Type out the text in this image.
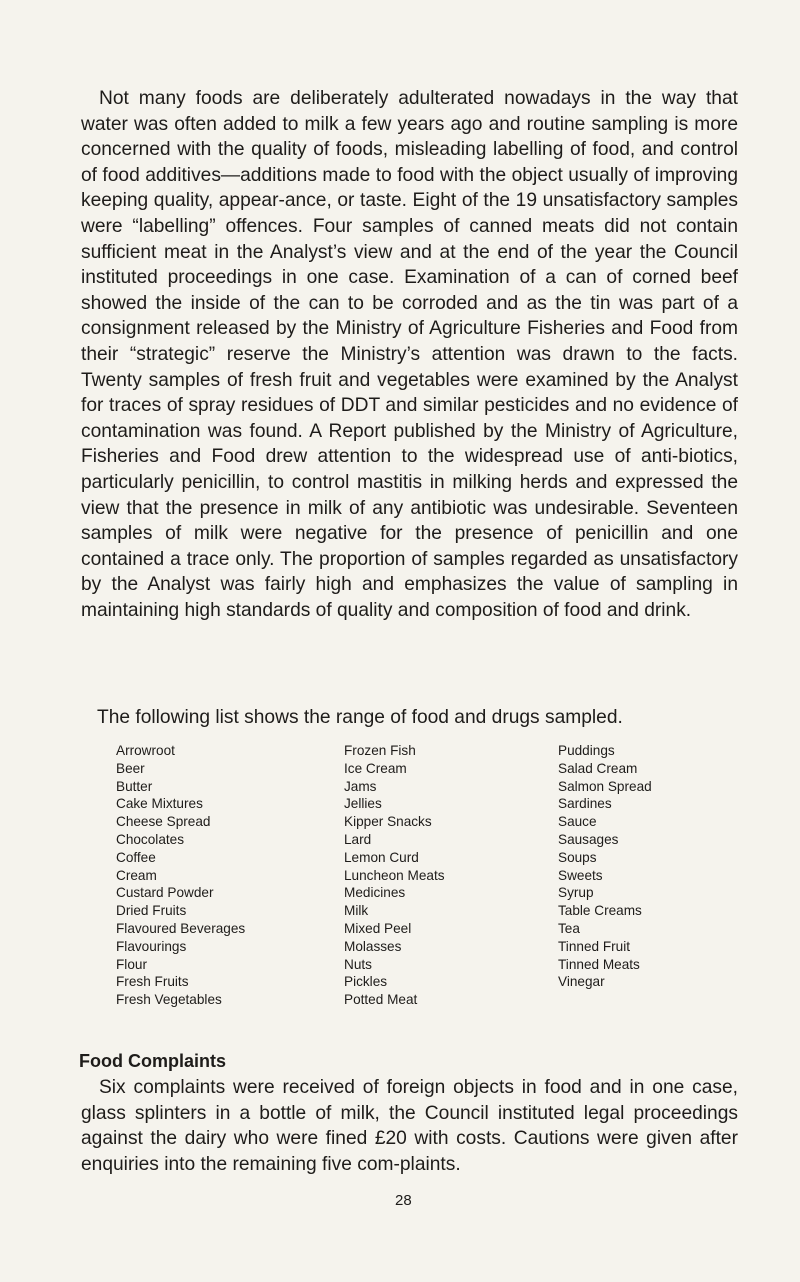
Not many foods are deliberately adulterated nowadays in the way that water was often added to milk a few years ago and routine sampling is more concerned with the quality of foods, misleading labelling of food, and control of food additives—additions made to food with the object usually of improving keeping quality, appear-ance, or taste. Eight of the 19 unsatisfactory samples were “labelling” offences. Four samples of canned meats did not contain sufficient meat in the Analyst’s view and at the end of the year the Council instituted proceedings in one case. Examination of a can of corned beef showed the inside of the can to be corroded and as the tin was part of a consignment released by the Ministry of Agriculture Fisheries and Food from their “strategic” reserve the Ministry’s attention was drawn to the facts. Twenty samples of fresh fruit and vegetables were examined by the Analyst for traces of spray residues of DDT and similar pesticides and no evidence of contamination was found. A Report published by the Ministry of Agriculture, Fisheries and Food drew attention to the widespread use of anti-biotics, particularly penicillin, to control mastitis in milking herds and expressed the view that the presence in milk of any antibiotic was undesirable. Seventeen samples of milk were negative for the presence of penicillin and one contained a trace only. The proportion of samples regarded as unsatisfactory by the Analyst was fairly high and emphasizes the value of sampling in maintaining high standards of quality and composition of food and drink.

The following list shows the range of food and drugs sampled.

Arrowroot
Beer
Butter
Cake Mixtures
Cheese Spread
Chocolates
Coffee
Cream
Custard Powder
Dried Fruits
Flavoured Beverages
Flavourings
Flour
Fresh Fruits
Fresh Vegetables
Frozen Fish
Ice Cream
Jams
Jellies
Kipper Snacks
Lard
Lemon Curd
Luncheon Meats
Medicines
Milk
Mixed Peel
Molasses
Nuts
Pickles
Potted Meat
Puddings
Salad Cream
Salmon Spread
Sardines
Sauce
Sausages
Soups
Sweets
Syrup
Table Creams
Tea
Tinned Fruit
Tinned Meats
Vinegar
Food Complaints

Six complaints were received of foreign objects in food and in one case, glass splinters in a bottle of milk, the Council instituted legal proceedings against the dairy who were fined £20 with costs. Cautions were given after enquiries into the remaining five com-plaints.

28
